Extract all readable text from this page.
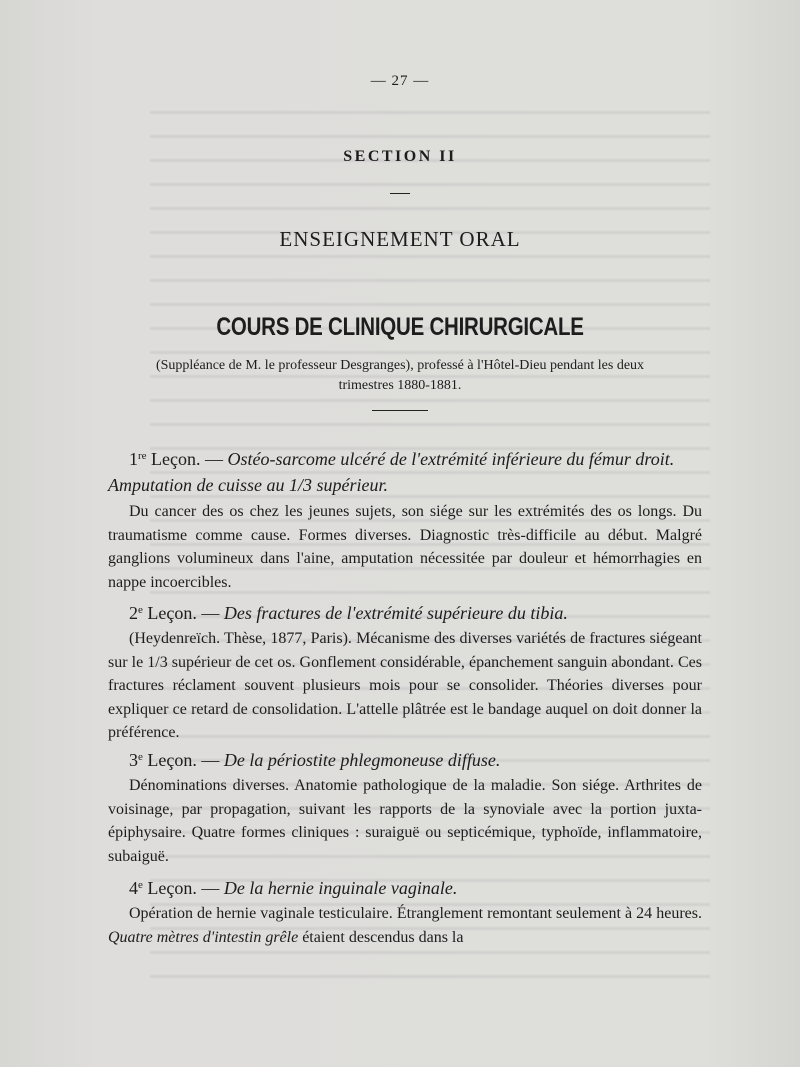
— 27 —
SECTION II
ENSEIGNEMENT ORAL
COURS DE CLINIQUE CHIRURGICALE
(Suppléance de M. le professeur Desgranges), professé à l'Hôtel-Dieu pendant les deux
trimestres 1880-1881.
1re Leçon. — Ostéo-sarcome ulcéré de l'extrémité inférieure du fémur droit. Amputation de cuisse au 1/3 supérieur.
Du cancer des os chez les jeunes sujets, son siége sur les extrémités des os longs. Du traumatisme comme cause. Formes diverses. Diagnostic très-difficile au début. Malgré ganglions volumineux dans l'aine, amputation nécessitée par douleur et hémorrhagies en nappe incoercibles.
2e Leçon. — Des fractures de l'extrémité supérieure du tibia.
(Heydenreïch. Thèse, 1877, Paris). Mécanisme des diverses variétés de fractures siégeant sur le 1/3 supérieur de cet os. Gonflement considérable, épanchement sanguin abondant. Ces fractures réclament souvent plusieurs mois pour se consolider. Théories diverses pour expliquer ce retard de consolidation. L'attelle plâtrée est le bandage auquel on doit donner la préférence.
3e Leçon. — De la périostite phlegmoneuse diffuse.
Dénominations diverses. Anatomie pathologique de la maladie. Son siége. Arthrites de voisinage, par propagation, suivant les rapports de la synoviale avec la portion juxta-épiphysaire. Quatre formes cliniques : suraiguë ou septicémique, typhoïde, inflammatoire, subaiguë.
4e Leçon. — De la hernie inguinale vaginale.
Opération de hernie vaginale testiculaire. Étranglement remontant seulement à 24 heures. Quatre mètres d'intestin grêle étaient descendus dans la
